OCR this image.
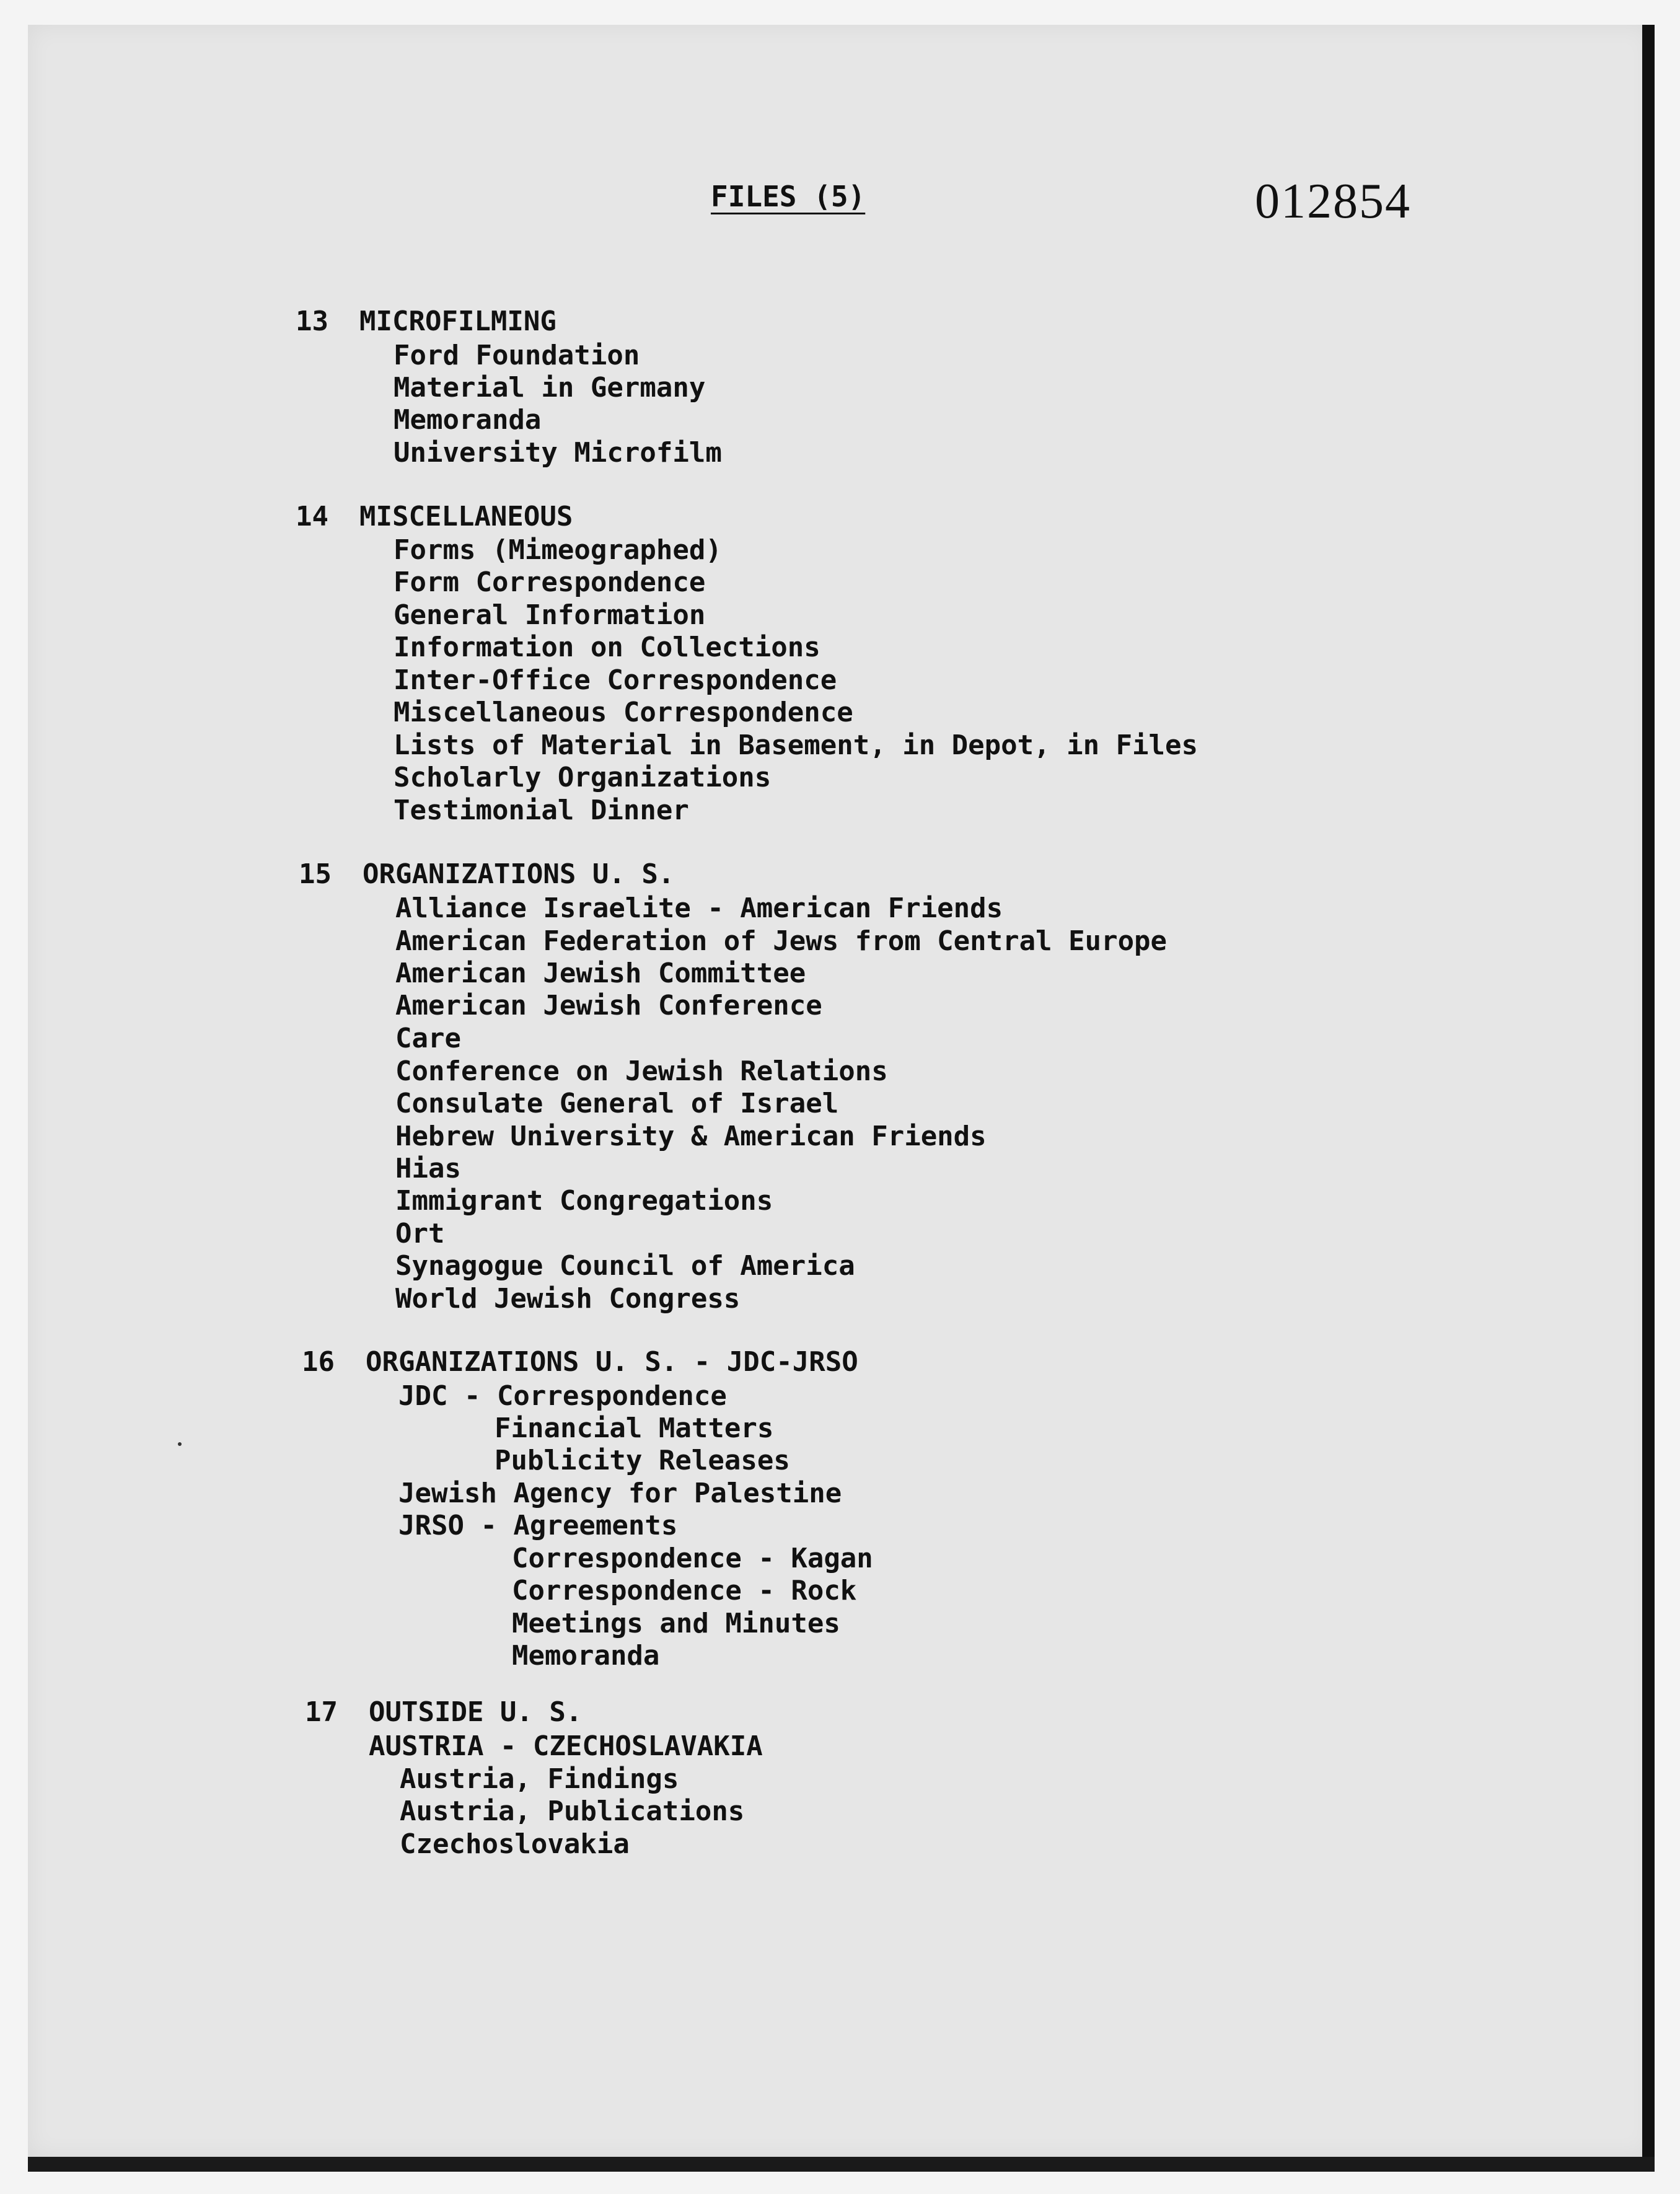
FILES (5)	012854
13 MICROFILMING
Ford Foundation
Material in Germany
Memoranda
University Microfilm
14 MISCELLANEOUS
Forms (Mimeographed)
Form Correspondence
General Information
Information on Collections
Inter-Office Correspondence
Miscellaneous Correspondence
Lists of Material in Basement, in Depot, in Files
Scholarly Organizations
Testimonial Dinner
15 ORGANIZATIONS U. S.
Alliance Israelite - American Friends
American Federation of Jews from Central Europe
American Jewish Committee
American Jewish Conference
Care
Conference on Jewish Relations
Consulate General of Israel
Hebrew University & American Friends
Hias
Immigrant Congregations
Ort
Synagogue Council of America
World Jewish Congress
16 ORGANIZATIONS U. S. - JDC-JRSO
JDC - Correspondence
Financial Matters
Publicity Releases
Jewish Agency for Palestine
JRSO - Agreements
Correspondence - Kagan
Correspondence - Rock
Meetings and Minutes
Memoranda
17 OUTSIDE U. S.
AUSTRIA - CZECHOSLAVAKIA
Austria, Findings
Austria, Publications
Czechoslovakia
